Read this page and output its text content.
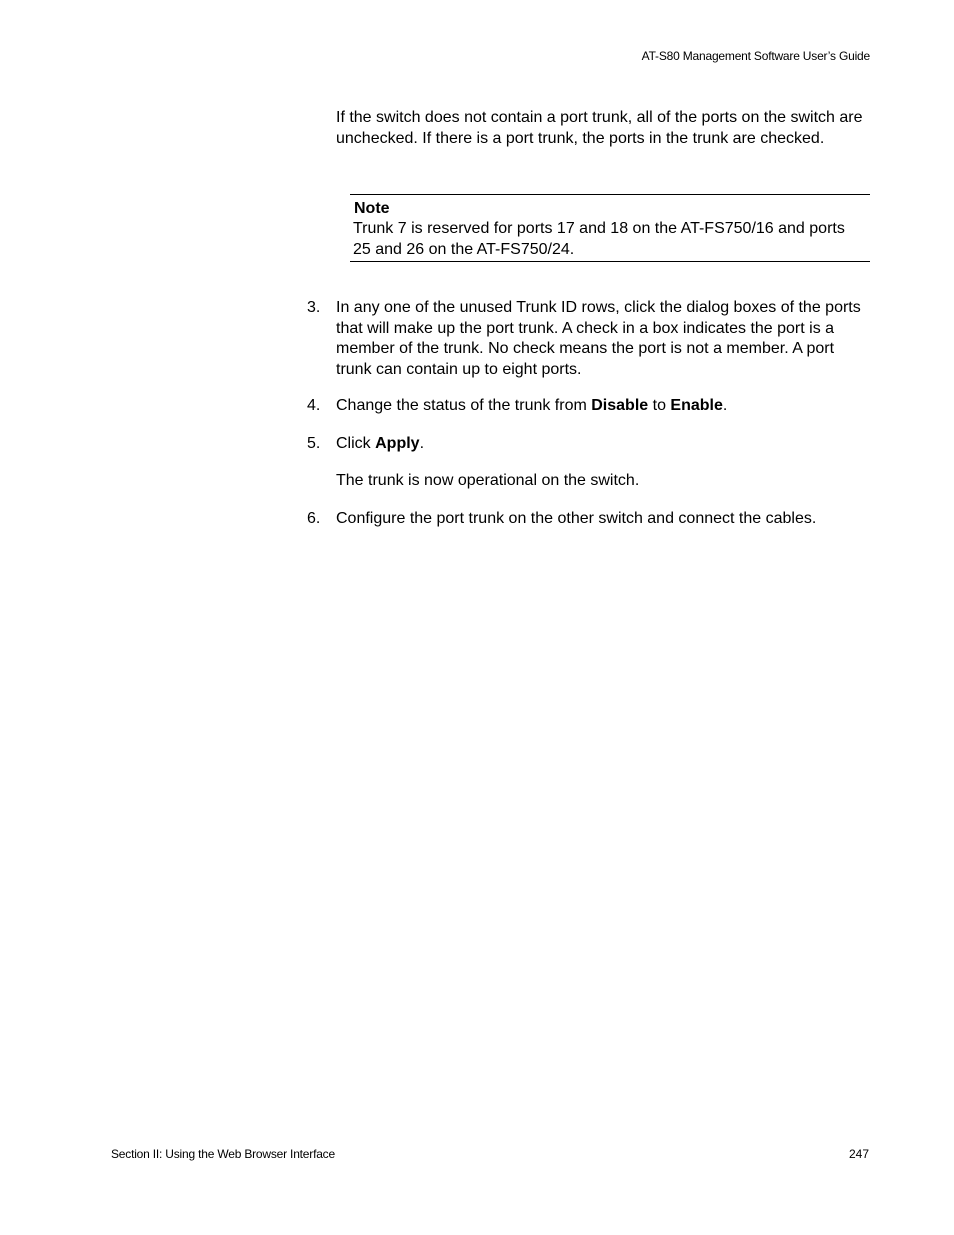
AT-S80 Management Software User’s Guide

If the switch does not contain a port trunk, all of the ports on the switch are unchecked. If there is a port trunk, the ports in the trunk are checked.

Note
Trunk 7 is reserved for ports 17 and 18 on the AT-FS750/16 and ports 25 and 26 on the AT-FS750/24.
3. In any one of the unused Trunk ID rows, click the dialog boxes of the ports that will make up the port trunk. A check in a box indicates the port is a member of the trunk. No check means the port is not a member. A port trunk can contain up to eight ports.
4. Change the status of the trunk from Disable to Enable.
5. Click Apply.

The trunk is now operational on the switch.

6. Configure the port trunk on the other switch and connect the cables.
Section II: Using the Web Browser Interface	247
